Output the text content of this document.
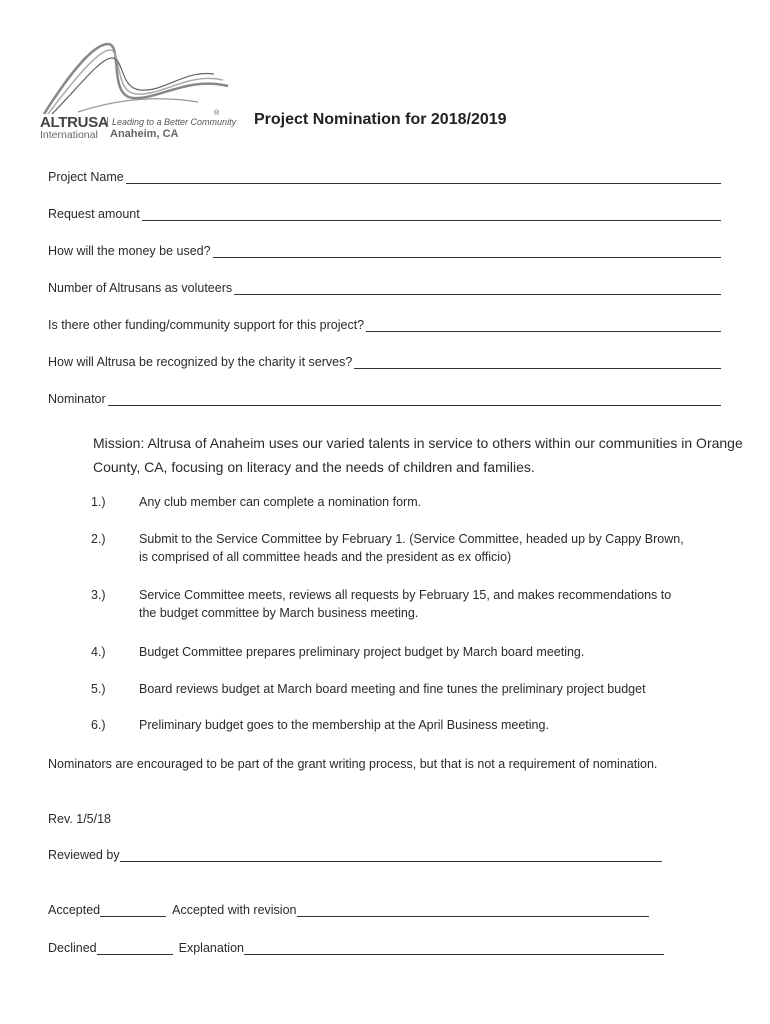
ALTRUSA Leading to a Better Community
®
International Anaheim, CA
Project Nomination for 2018/2019
Project Name
Request amount
How will the money be used?
Number of Altrusans as voluteers
Is there other funding/community support for this project?
How will Altrusa be recognized by the charity it serves?
Nominator
Mission: Altrusa of Anaheim uses our varied talents in service to others within our communities in Orange County, CA, focusing on literacy and the needs of children and families.
1.)	Any club member can complete a nomination form.
2.)	Submit to the Service Committee by February 1. (Service Committee, headed up by Cappy Brown, is comprised of all committee heads and the president as ex officio)
3.)	Service Committee meets, reviews all requests by February 15, and makes recommendations to the budget committee by March business meeting.
4.)	Budget Committee prepares preliminary project budget by March board meeting.
5.)	Board reviews budget at March board meeting and fine tunes the preliminary project budget
6.)	Preliminary budget goes to the membership at the April Business meeting.
Nominators are encouraged to be part of the grant writing process, but that is not a requirement of nomination.
Rev. 1/5/18
Reviewed by
Accepted	Accepted with revision
Declined	Explanation
